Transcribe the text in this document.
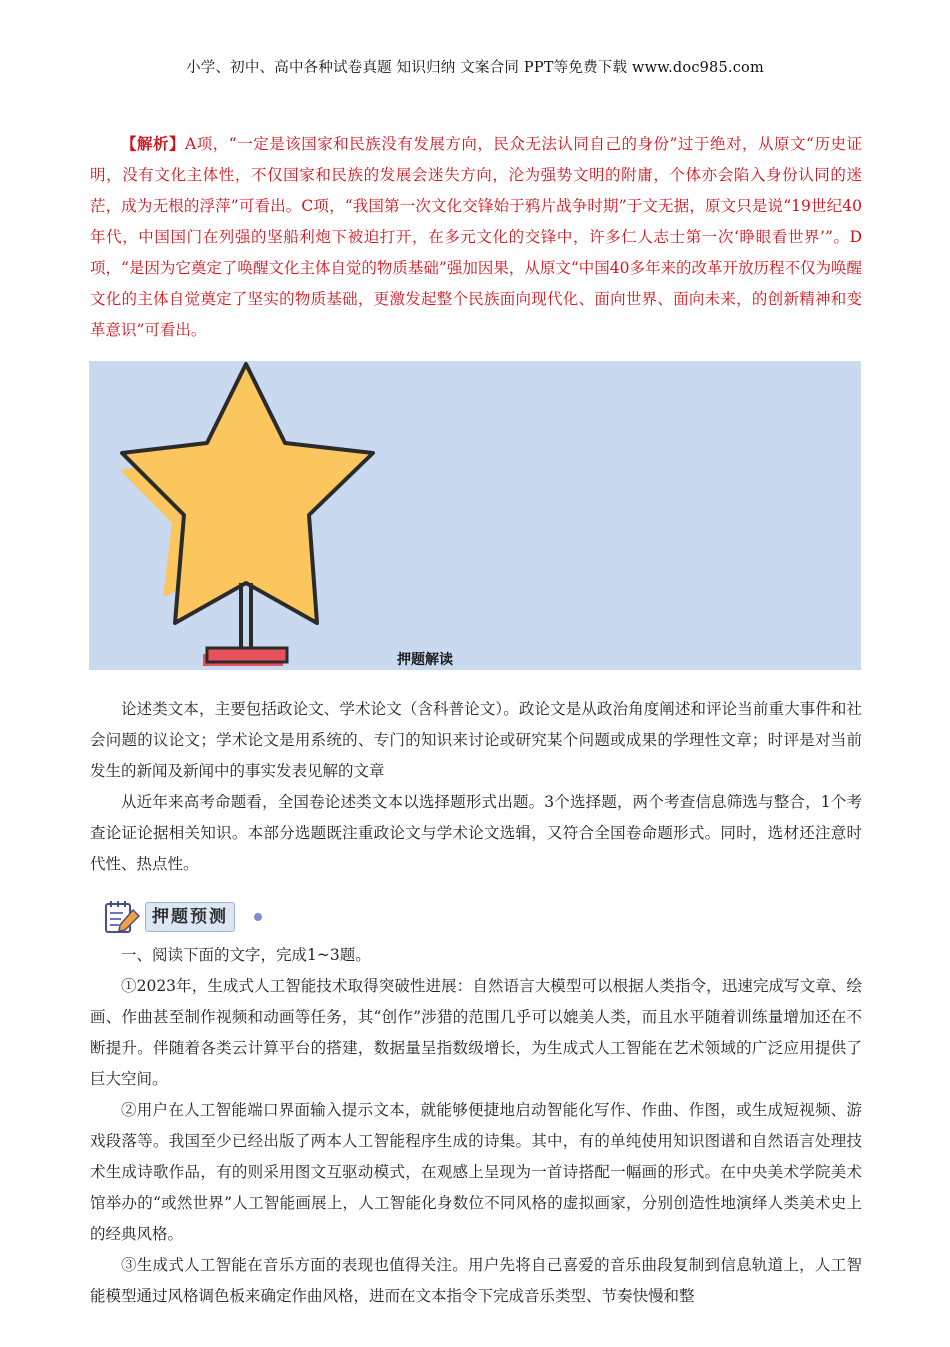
小学、初中、高中各种试卷真题 知识归纳 文案合同 PPT等免费下载 www.doc985.com
【解析】A项，“一定是该国家和民族没有发展方向，民众无法认同自己的身份”过于绝对，从原文“历史证明，没有文化主体性，不仅国家和民族的发展会迷失方向，沦为强势文明的附庸，个体亦会陷入身份认同的迷茫，成为无根的浮萍”可看出。C项，“我国第一次文化交锋始于鸦片战争时期”于文无据，原文只是说“19世纪40年代，中国国门在列强的坚船利炮下被迫打开，在多元文化的交锋中，许多仁人志士第一次‘睁眼看世界’”。D项，“是因为它奠定了唤醒文化主体自觉的物质基础”强加因果，从原文“中国40多年来的改革开放历程不仅为唤醒文化的主体自觉奠定了坚实的物质基础，更激发起整个民族面向现代化、面向世界、面向未来，的创新精神和变革意识”可看出。
押题解读

论述类文本，主要包括政论文、学术论文（含科普论文）。政论文是从政治角度阐述和评论当前重大事件和社会问题的议论文；学术论文是用系统的、专门的知识来讨论或研究某个问题或成果的学理性文章；时评是对当前发生的新闻及新闻中的事实发表见解的文章

从近年来高考命题看，全国卷论述类文本以选择题形式出题。3个选择题，两个考查信息筛选与整合，1个考查论证论据相关知识。本部分选题既注重政论文与学术论文选辑，又符合全国卷命题形式。同时，选材还注意时代性、热点性。

押题预测

一、阅读下面的文字，完成1~3题。

①2023年，生成式人工智能技术取得突破性进展：自然语言大模型可以根据人类指令，迅速完成写文章、绘画、作曲甚至制作视频和动画等任务，其“创作”涉猎的范围几乎可以媲美人类，而且水平随着训练量增加还在不断提升。伴随着各类云计算平台的搭建，数据量呈指数级增长，为生成式人工智能在艺术领域的广泛应用提供了巨大空间。

②用户在人工智能端口界面输入提示文本，就能够便捷地启动智能化写作、作曲、作图，或生成短视频、游戏段落等。我国至少已经出版了两本人工智能程序生成的诗集。其中，有的单纯使用知识图谱和自然语言处理技术生成诗歌作品，有的则采用图文互驱动模式，在观感上呈现为一首诗搭配一幅画的形式。在中央美术学院美术馆举办的“或然世界”人工智能画展上，人工智能化身数位不同风格的虚拟画家，分别创造性地演绎人类美术史上的经典风格。

③生成式人工智能在音乐方面的表现也值得关注。用户先将自己喜爱的音乐曲段复制到信息轨道上，人工智能模型通过风格调色板来确定作曲风格，进而在文本指令下完成音乐类型、节奏快慢和整
